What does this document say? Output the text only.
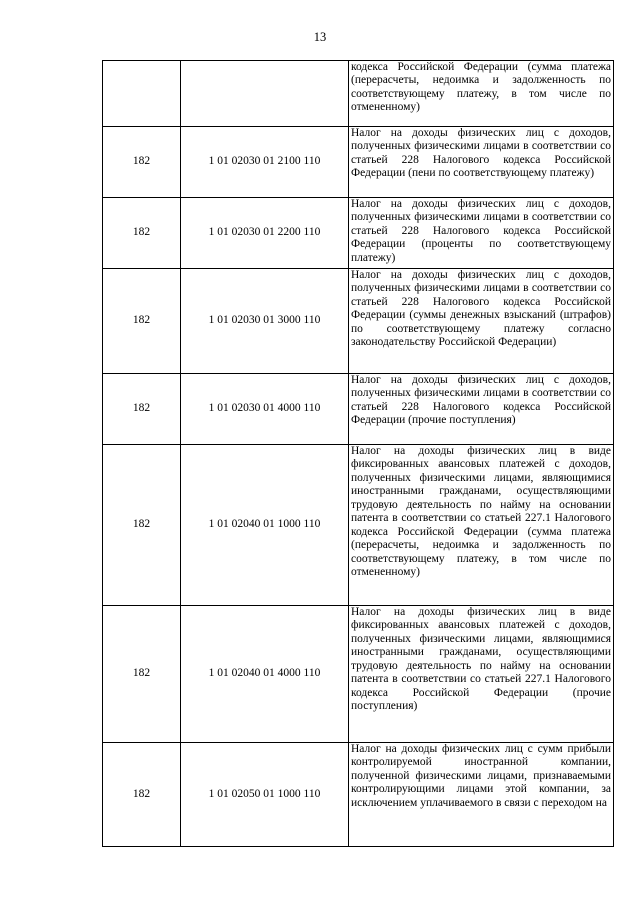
13

		кодекса Российской Федерации (сумма платежа (перерасчеты, недоимка и задолженность по соответствующему платежу, в том числе по отмененному)

182	1 01 02030 01 2100 110	Налог на доходы физических лиц с доходов, полученных физическими лицами в соответствии со статьей 228 Налогового кодекса Российской Федерации (пени по соответствующему платежу)

182	1 01 02030 01 2200 110	Налог на доходы физических лиц с доходов, полученных физическими лицами в соответствии со статьей 228 Налогового кодекса Российской Федерации (проценты по соответствующему платежу)

182	1 01 02030 01 3000 110	Налог на доходы физических лиц с доходов, полученных физическими лицами в соответствии со статьей 228 Налогового кодекса Российской Федерации (суммы денежных взысканий (штрафов) по соответствующему платежу согласно законодательству Российской Федерации)

182	1 01 02030 01 4000 110	Налог на доходы физических лиц с доходов, полученных физическими лицами в соответствии со статьей 228 Налогового кодекса Российской Федерации (прочие поступления)

182	1 01 02040 01 1000 110	Налог на доходы физических лиц в виде фиксированных авансовых платежей с доходов, полученных физическими лицами, являющимися иностранными гражданами, осуществляющими трудовую деятельность по найму на основании патента в соответствии со статьей 227.1 Налогового кодекса Российской Федерации (сумма платежа (перерасчеты, недоимка и задолженность по соответствующему платежу, в том числе по отмененному)

182	1 01 02040 01 4000 110	Налог на доходы физических лиц в виде фиксированных авансовых платежей с доходов, полученных физическими лицами, являющимися иностранными гражданами, осуществляющими трудовую деятельность по найму на основании патента в соответствии со статьей 227.1 Налогового кодекса Российской Федерации (прочие поступления)

182	1 01 02050 01 1000 110	Налог на доходы физических лиц с сумм прибыли контролируемой иностранной компании, полученной физическими лицами, признаваемыми контролирующими лицами этой компании, за исключением уплачиваемого в связи с переходом на
